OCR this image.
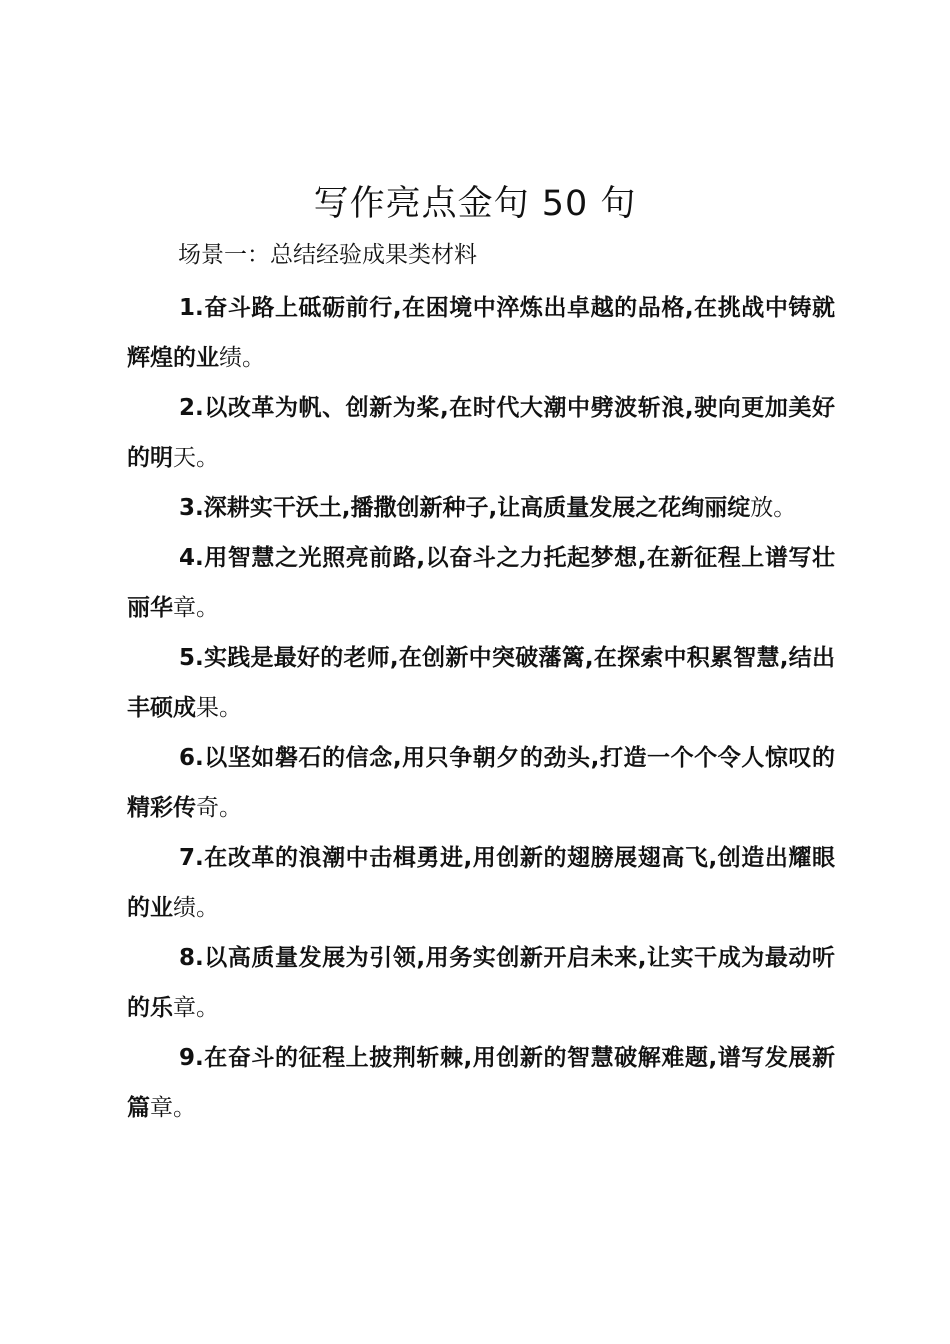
写作亮点金句 50 句
场景一：总结经验成果类材料

1.奋斗路上砥砺前行,在困境中淬炼出卓越的品格,在挑战中铸就辉煌的业绩。

2.以改革为帆、创新为桨,在时代大潮中劈波斩浪,驶向更加美好的明天。

3.深耕实干沃土,播撒创新种子,让高质量发展之花绚丽绽放。

4.用智慧之光照亮前路,以奋斗之力托起梦想,在新征程上谱写壮丽华章。

5.实践是最好的老师,在创新中突破藩篱,在探索中积累智慧,结出丰硕成果。

6.以坚如磐石的信念,用只争朝夕的劲头,打造一个个令人惊叹的精彩传奇。

7.在改革的浪潮中击楫勇进,用创新的翅膀展翅高飞,创造出耀眼的业绩。

8.以高质量发展为引领,用务实创新开启未来,让实干成为最动听的乐章。

9.在奋斗的征程上披荆斩棘,用创新的智慧破解难题,谱写发展新篇章。
